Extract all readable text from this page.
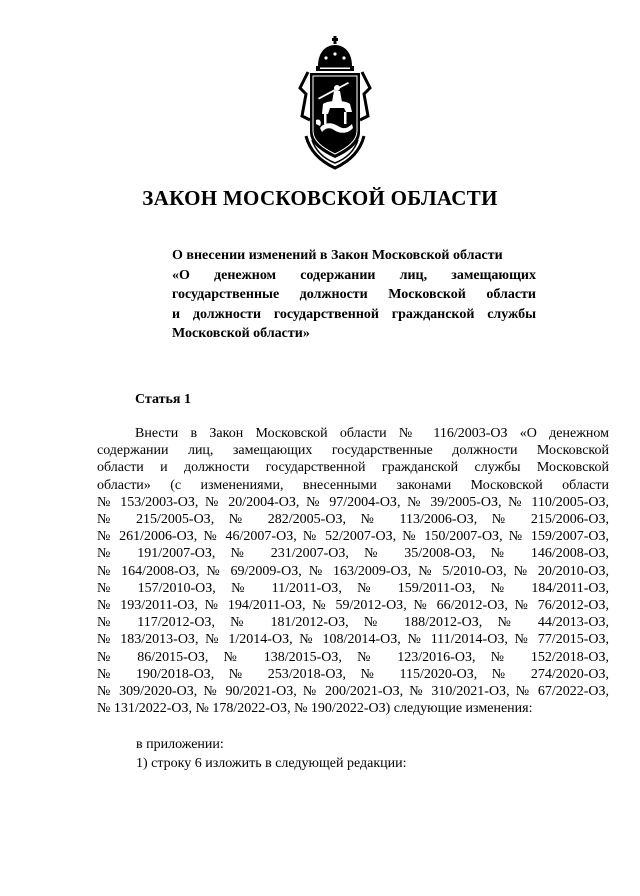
ЗАКОН МОСКОВСКОЙ ОБЛАСТИ
О внесении изменений в Закон Московской области
«О денежном содержании лиц, замещающих
государственные должности Московской области
и должности государственной гражданской службы
Московской области»
Статья 1
Внести в Закон Московской области № 116/2003-ОЗ «О денежном
содержании лиц, замещающих государственные должности Московской
области и должности государственной гражданской службы Московской
области» (с изменениями, внесенными законами Московской области
№ 153/2003-ОЗ, № 20/2004-ОЗ, № 97/2004-ОЗ, № 39/2005-ОЗ, № 110/2005-ОЗ,
№ 215/2005-ОЗ, № 282/2005-ОЗ, № 113/2006-ОЗ, № 215/2006-ОЗ,
№ 261/2006-ОЗ, № 46/2007-ОЗ, № 52/2007-ОЗ, № 150/2007-ОЗ, № 159/2007-ОЗ,
№ 191/2007-ОЗ, № 231/2007-ОЗ, № 35/2008-ОЗ, № 146/2008-ОЗ,
№ 164/2008-ОЗ, № 69/2009-ОЗ, № 163/2009-ОЗ, № 5/2010-ОЗ, № 20/2010-ОЗ,
№ 157/2010-ОЗ, № 11/2011-ОЗ, № 159/2011-ОЗ, № 184/2011-ОЗ,
№ 193/2011-ОЗ, № 194/2011-ОЗ, № 59/2012-ОЗ, № 66/2012-ОЗ, № 76/2012-ОЗ,
№ 117/2012-ОЗ, № 181/2012-ОЗ, № 188/2012-ОЗ, № 44/2013-ОЗ,
№ 183/2013-ОЗ, № 1/2014-ОЗ, № 108/2014-ОЗ, № 111/2014-ОЗ, № 77/2015-ОЗ,
№ 86/2015-ОЗ, № 138/2015-ОЗ, № 123/2016-ОЗ, № 152/2018-ОЗ,
№ 190/2018-ОЗ, № 253/2018-ОЗ, № 115/2020-ОЗ, № 274/2020-ОЗ,
№ 309/2020-ОЗ, № 90/2021-ОЗ, № 200/2021-ОЗ, № 310/2021-ОЗ, № 67/2022-ОЗ,
№ 131/2022-ОЗ, № 178/2022-ОЗ, № 190/2022-ОЗ) следующие изменения:
в приложении:
1) строку 6 изложить в следующей редакции:
